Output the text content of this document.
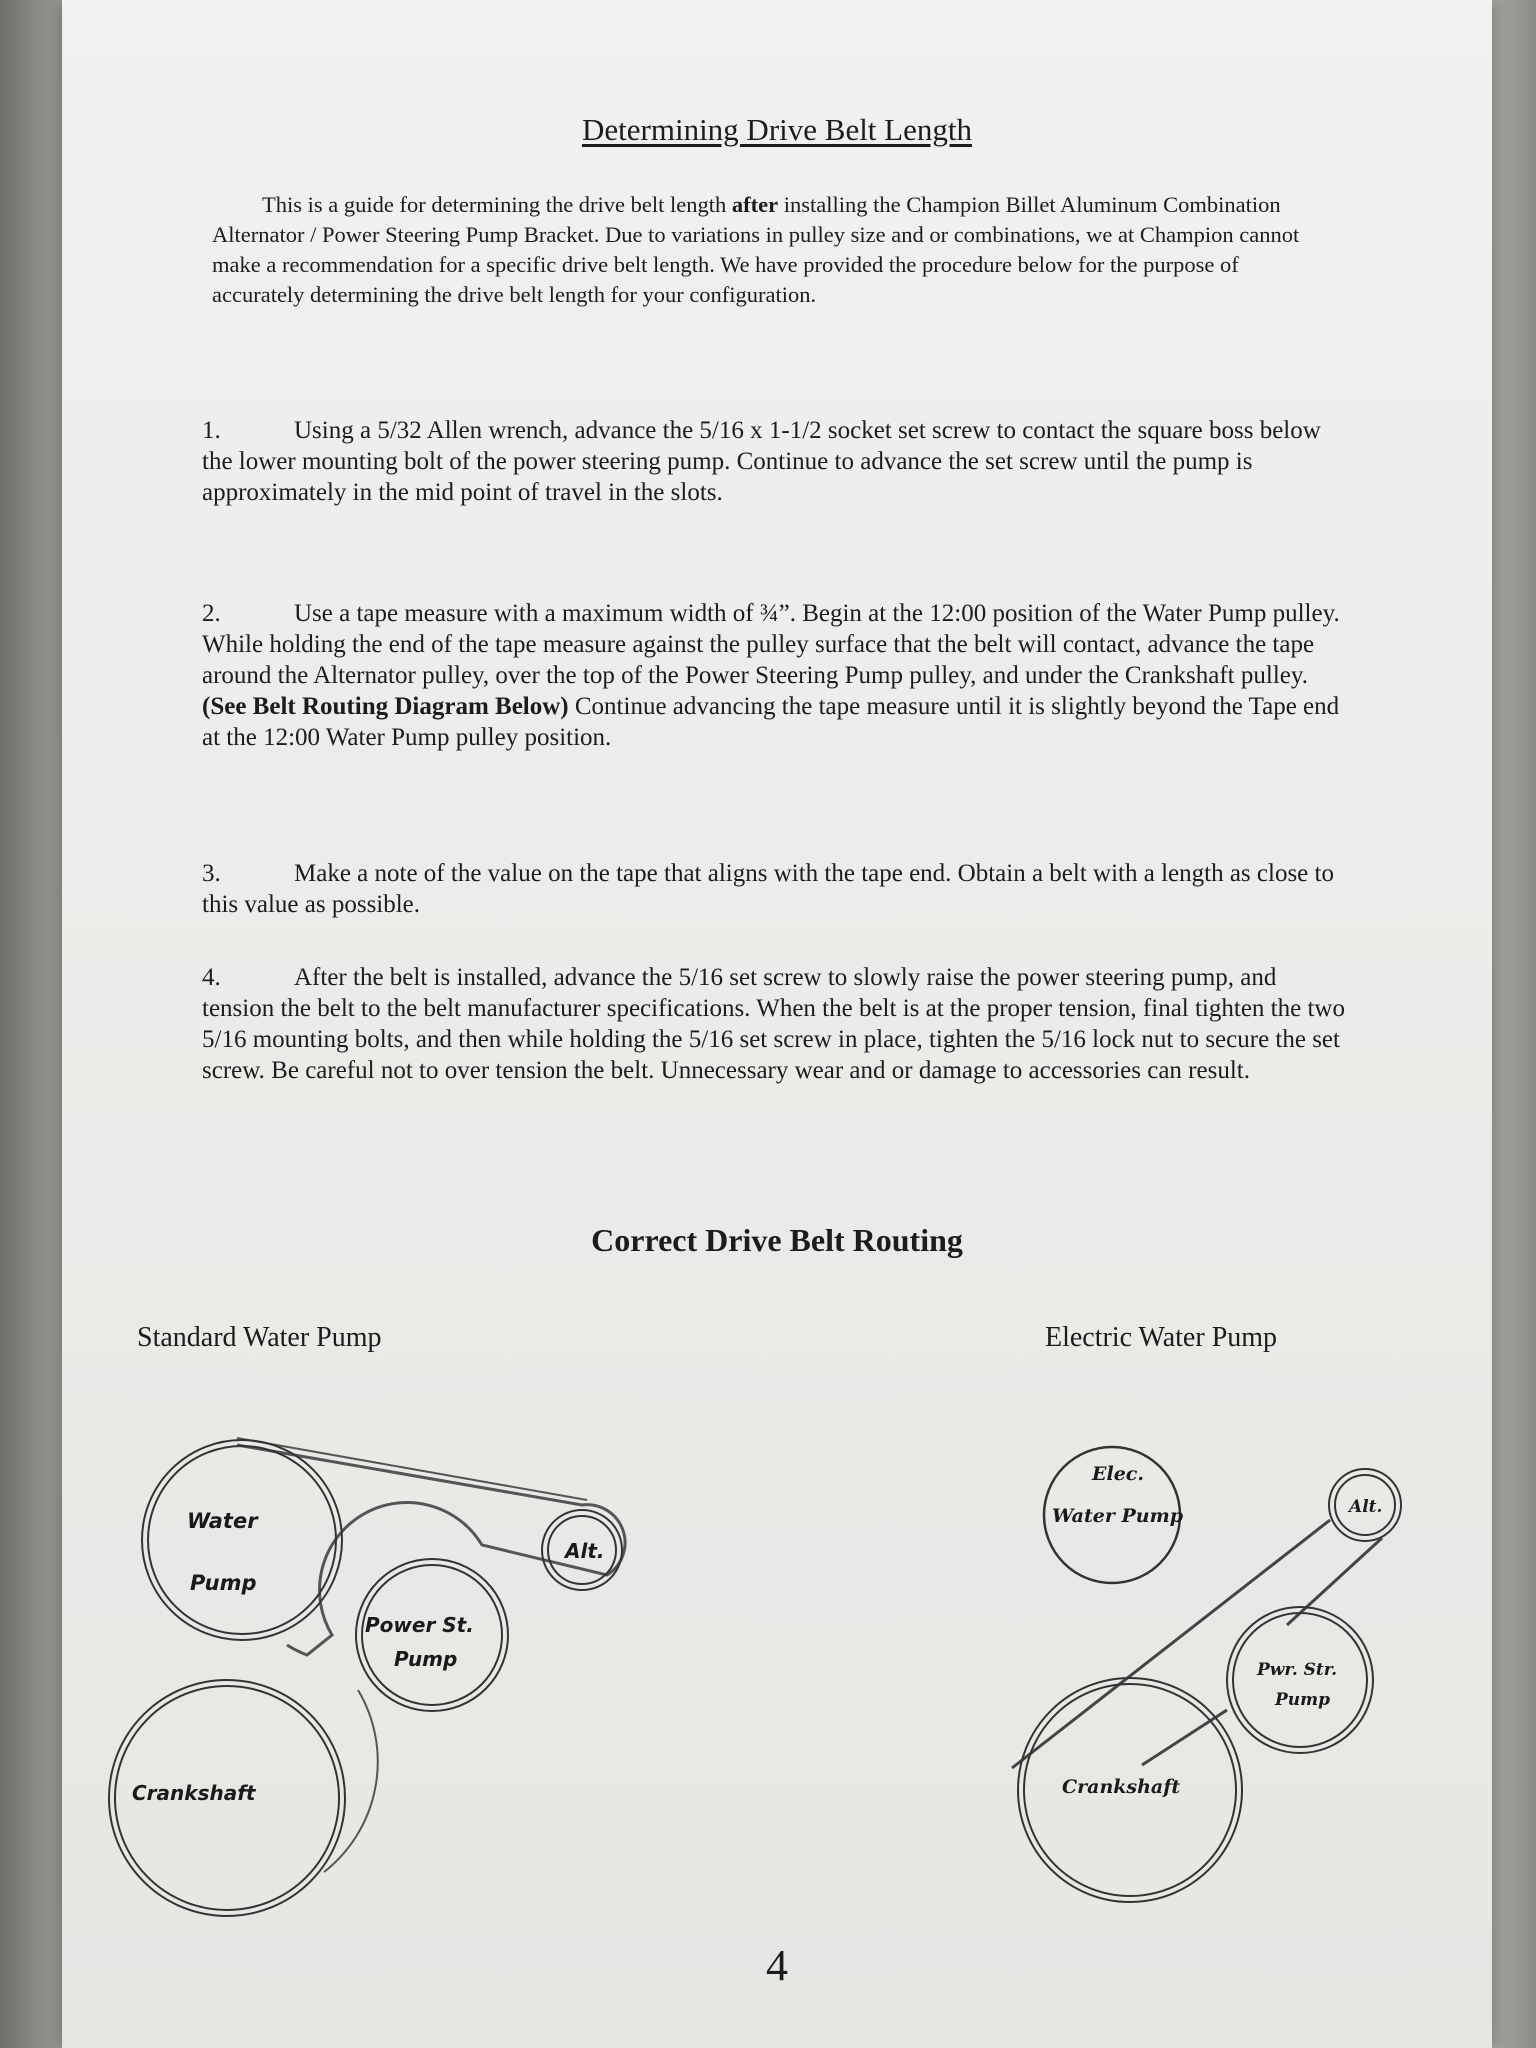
Determining Drive Belt Length

This is a guide for determining the drive belt length after installing the Champion Billet Aluminum Combination Alternator / Power Steering Pump Bracket. Due to variations in pulley size and or combinations, we at Champion cannot make a recommendation for a specific drive belt length. We have provided the procedure below for the purpose of accurately determining the drive belt length for your configuration.

1.	Using a 5/32 Allen wrench, advance the 5/16 x 1-1/2 socket set screw to contact the square boss below the lower mounting bolt of the power steering pump. Continue to advance the set screw until the pump is approximately in the mid point of travel in the slots.

2.	Use a tape measure with a maximum width of ¾”. Begin at the 12:00 position of the Water Pump pulley. While holding the end of the tape measure against the pulley surface that the belt will contact, advance the tape around the Alternator pulley, over the top of the Power Steering Pump pulley, and under the Crankshaft pulley. (See Belt Routing Diagram Below) Continue advancing the tape measure until it is slightly beyond the Tape end at the 12:00 Water Pump pulley position.

3.	Make a note of the value on the tape that aligns with the tape end. Obtain a belt with a length as close to this value as possible.

4.	After the belt is installed, advance the 5/16 set screw to slowly raise the power steering pump, and tension the belt to the belt manufacturer specifications. When the belt is at the proper tension, final tighten the two 5/16 mounting bolts, and then while holding the 5/16 set screw in place, tighten the 5/16 lock nut to secure the set screw. Be careful not to over tension the belt. Unnecessary wear and or damage to accessories can result.

Correct Drive Belt Routing

Standard Water Pump	Electric Water Pump

Water
Pump
Alt.
Power St.
Pump
Crankshaft
Elec.
Water Pump	Alt.
Pwr. Str.
Pump
Crankshaft

4
